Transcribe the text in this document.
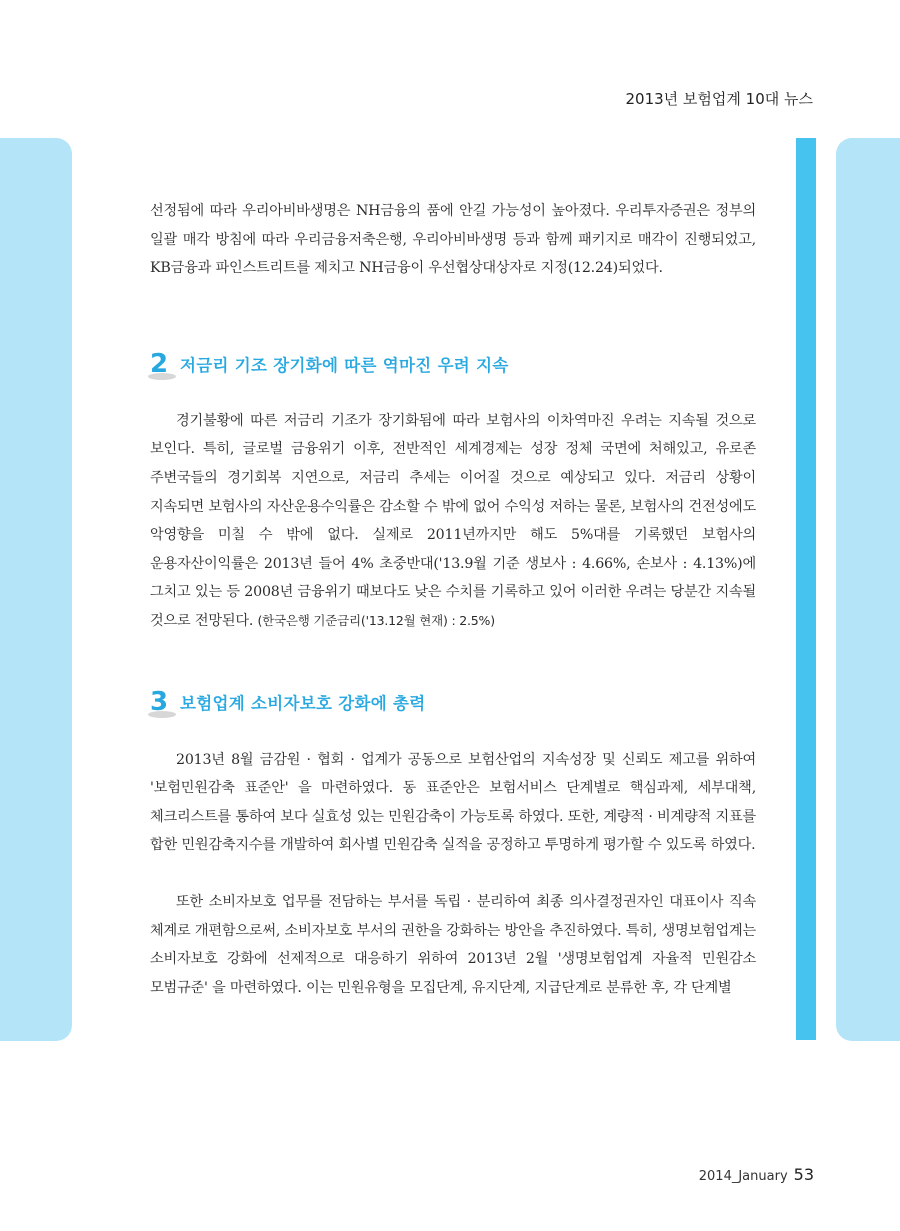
2013년 보험업계 10대 뉴스

선정됨에 따라 우리아비바생명은 NH금융의 품에 안길 가능성이 높아졌다. 우리투자증권은 정부의 일괄 매각 방침에 따라 우리금융저축은행, 우리아비바생명 등과 함께 패키지로 매각이 진행되었고, KB금융과 파인스트리트를 제치고 NH금융이 우선협상대상자로 지정(12.24)되었다.

2 저금리 기조 장기화에 따른 역마진 우려 지속

경기불황에 따른 저금리 기조가 장기화됨에 따라 보험사의 이차역마진 우려는 지속될 것으로 보인다. 특히, 글로벌 금융위기 이후, 전반적인 세계경제는 성장 정체 국면에 처해있고, 유로존 주변국들의 경기회복 지연으로, 저금리 추세는 이어질 것으로 예상되고 있다. 저금리 상황이 지속되면 보험사의 자산운용수익률은 감소할 수 밖에 없어 수익성 저하는 물론, 보험사의 건전성에도 악영향을 미칠 수 밖에 없다. 실제로 2011년까지만 해도 5%대를 기록했던 보험사의 운용자산이익률은 2013년 들어 4% 초중반대('13.9월 기준 생보사 : 4.66%, 손보사 : 4.13%)에 그치고 있는 등 2008년 금융위기 때보다도 낮은 수치를 기록하고 있어 이러한 우려는 당분간 지속될 것으로 전망된다. (한국은행 기준금리('13.12월 현재) : 2.5%)

3 보험업계 소비자보호 강화에 총력

2013년 8월 금감원 · 협회 · 업계가 공동으로 보험산업의 지속성장 및 신뢰도 제고를 위하여 '보험민원감축 표준안' 을 마련하였다. 동 표준안은 보험서비스 단계별로 핵심과제, 세부대책, 체크리스트를 통하여 보다 실효성 있는 민원감축이 가능토록 하였다. 또한, 계량적 · 비계량적 지표를 합한 민원감축지수를 개발하여 회사별 민원감축 실적을 공정하고 투명하게 평가할 수 있도록 하였다.

또한 소비자보호 업무를 전담하는 부서를 독립 · 분리하여 최종 의사결정권자인 대표이사 직속 체계로 개편함으로써, 소비자보호 부서의 권한을 강화하는 방안을 추진하였다. 특히, 생명보험업계는 소비자보호 강화에 선제적으로 대응하기 위하여 2013년 2월 '생명보험업계 자율적 민원감소 모범규준' 을 마련하였다. 이는 민원유형을 모집단계, 유지단계, 지급단계로 분류한 후, 각 단계별

2014_January 53
